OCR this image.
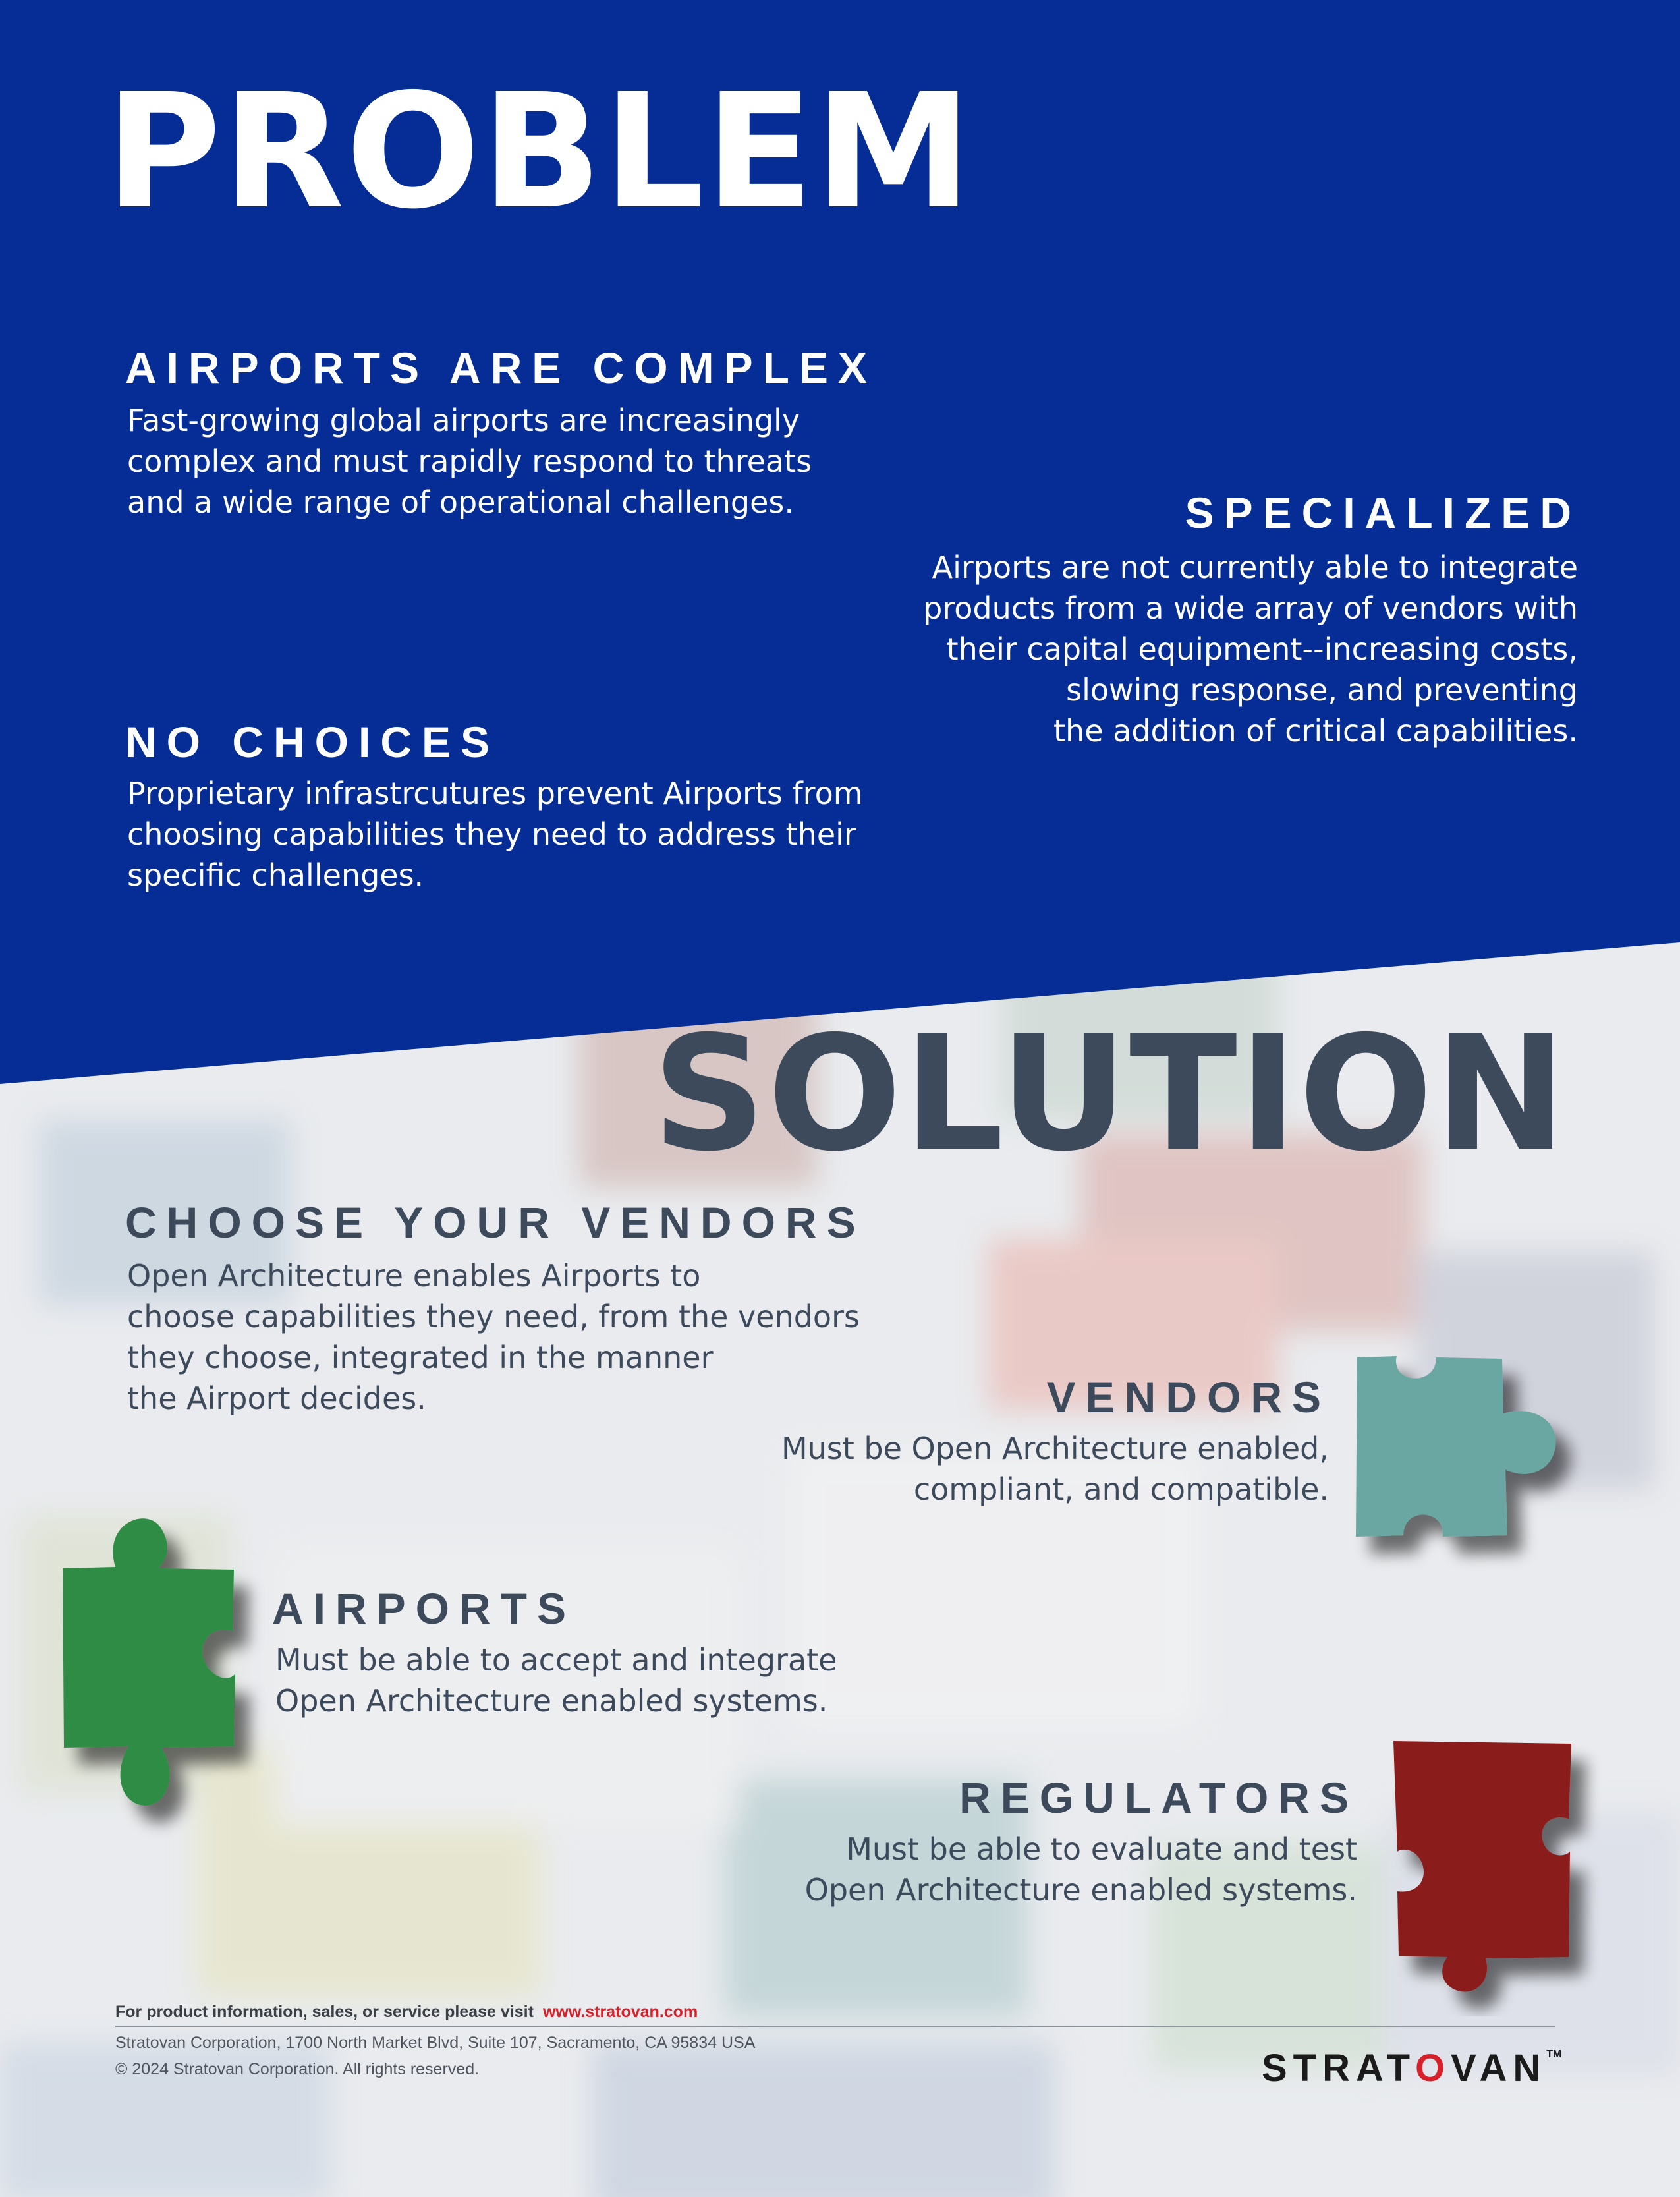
PROBLEM
AIRPORTS ARE COMPLEX
Fast-growing global airports are increasingly
complex and must rapidly respond to threats
and a wide range of operational challenges.	SPECIALIZED
Airports are not currently able to integrate
products from a wide array of vendors with
their capital equipment--increasing costs,
slowing response, and preventing
the addition of critical capabilities.
NO CHOICES
Proprietary infrastrcutures prevent Airports from
choosing capabilities they need to address their
specific challenges.
SOLUTION
CHOOSE YOUR VENDORS
Open Architecture enables Airports to
choose capabilities they need, from the vendors
they choose, integrated in the manner
the Airport decides.	VENDORS
Must be Open Architecture enabled,
compliant, and compatible.
AIRPORTS
Must be able to accept and integrate
Open Architecture enabled systems.
REGULATORS
Must be able to evaluate and test
Open Architecture enabled systems.
For product information, sales, or service please visit www.stratovan.com
Stratovan Corporation, 1700 North Market Blvd, Suite 107, Sacramento, CA 95834 USA
© 2024 Stratovan Corporation. All rights reserved.	STRATOVAN™
